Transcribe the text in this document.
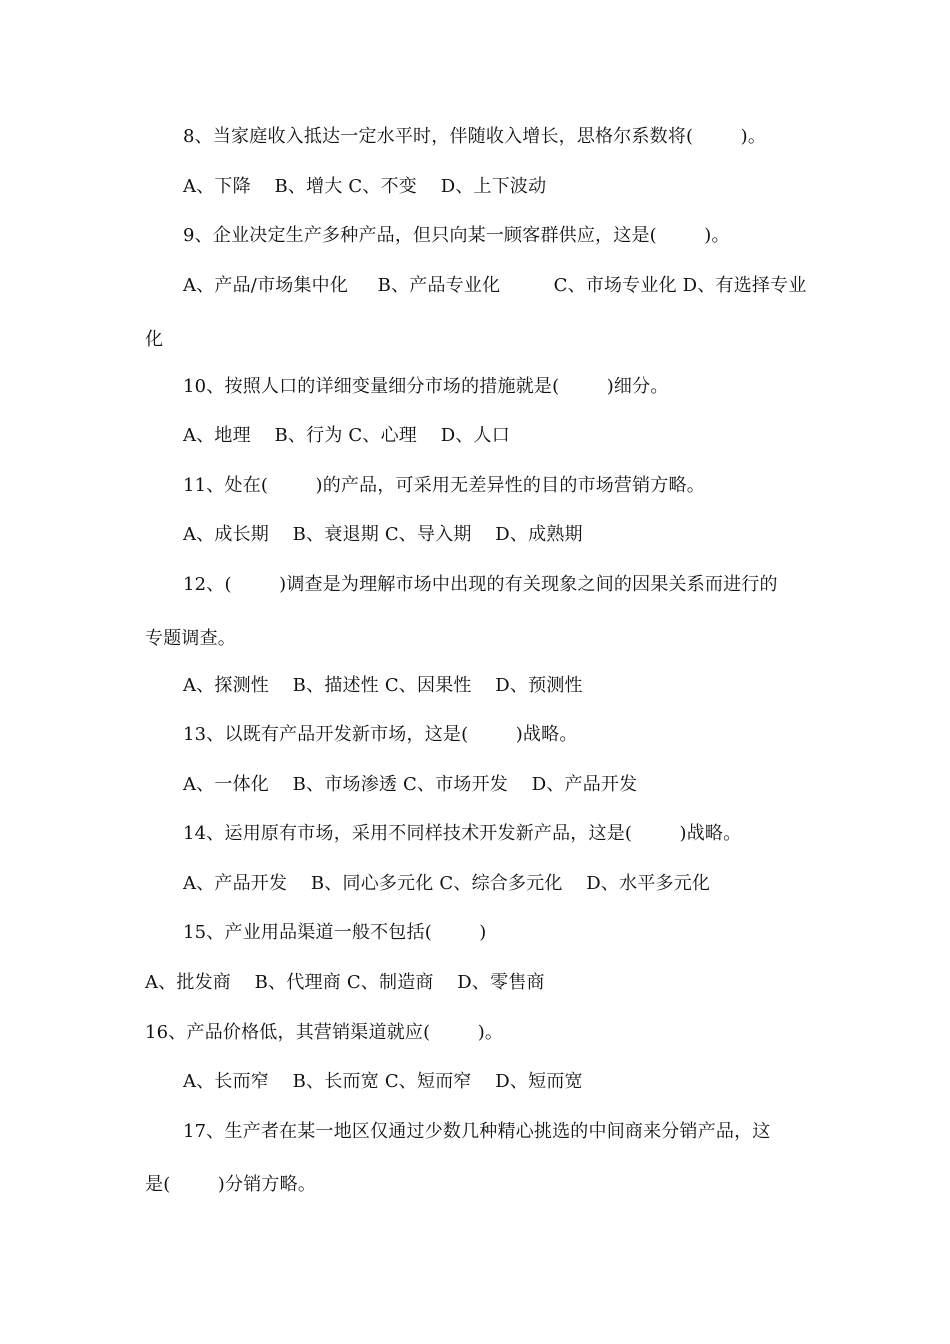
8、当家庭收入抵达一定水平时，伴随收入增长，思格尔系数将(        )。
A、下降    B、增大 C、不变    D、上下波动
9、企业决定生产多种产品，但只向某一顾客群供应，这是(        )。
A、产品/市场集中化     B、产品专业化         C、市场专业化 D、有选择专业
化
10、按照人口的详细变量细分市场的措施就是(        )细分。
A、地理    B、行为 C、心理    D、人口
11、处在(        )的产品，可采用无差异性的目的市场营销方略。
A、成长期    B、衰退期 C、导入期    D、成熟期
12、(        )调查是为理解市场中出现的有关现象之间的因果关系而进行的
专题调查。
A、探测性    B、描述性 C、因果性    D、预测性
13、以既有产品开发新市场，这是(        )战略。
A、一体化    B、市场渗透 C、市场开发    D、产品开发
14、运用原有市场，采用不同样技术开发新产品，这是(        )战略。
A、产品开发    B、同心多元化 C、综合多元化    D、水平多元化
15、产业用品渠道一般不包括(        )
A、批发商    B、代理商 C、制造商    D、零售商
16、产品价格低，其营销渠道就应(        )。
A、长而窄    B、长而宽 C、短而窄    D、短而宽
17、生产者在某一地区仅通过少数几种精心挑选的中间商来分销产品，这
是(        )分销方略。
